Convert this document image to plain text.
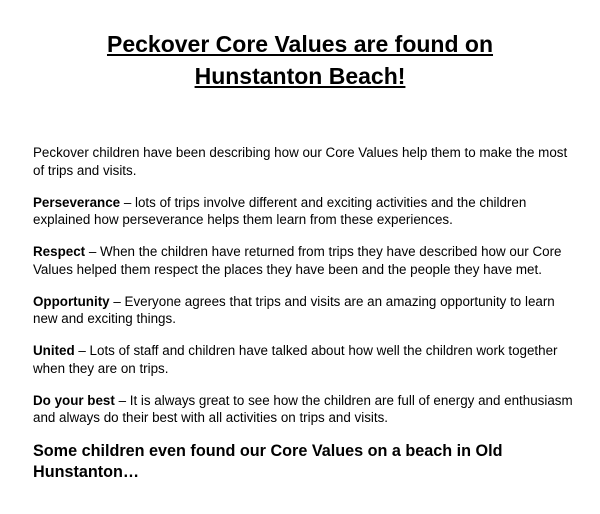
Peckover Core Values are found on
Hunstanton Beach!

Peckover children have been describing how our Core Values help them to make the most of trips and visits.

Perseverance – lots of trips involve different and exciting activities and the children explained how perseverance helps them learn from these experiences.

Respect – When the children have returned from trips they have described how our Core Values helped them respect the places they have been and the people they have met.

Opportunity – Everyone agrees that trips and visits are an amazing opportunity to learn new and exciting things.

United – Lots of staff and children have talked about how well the children work together when they are on trips.

Do your best – It is always great to see how the children are full of energy and enthusiasm and always do their best with all activities on trips and visits.

Some children even found our Core Values on a beach in Old Hunstanton…
